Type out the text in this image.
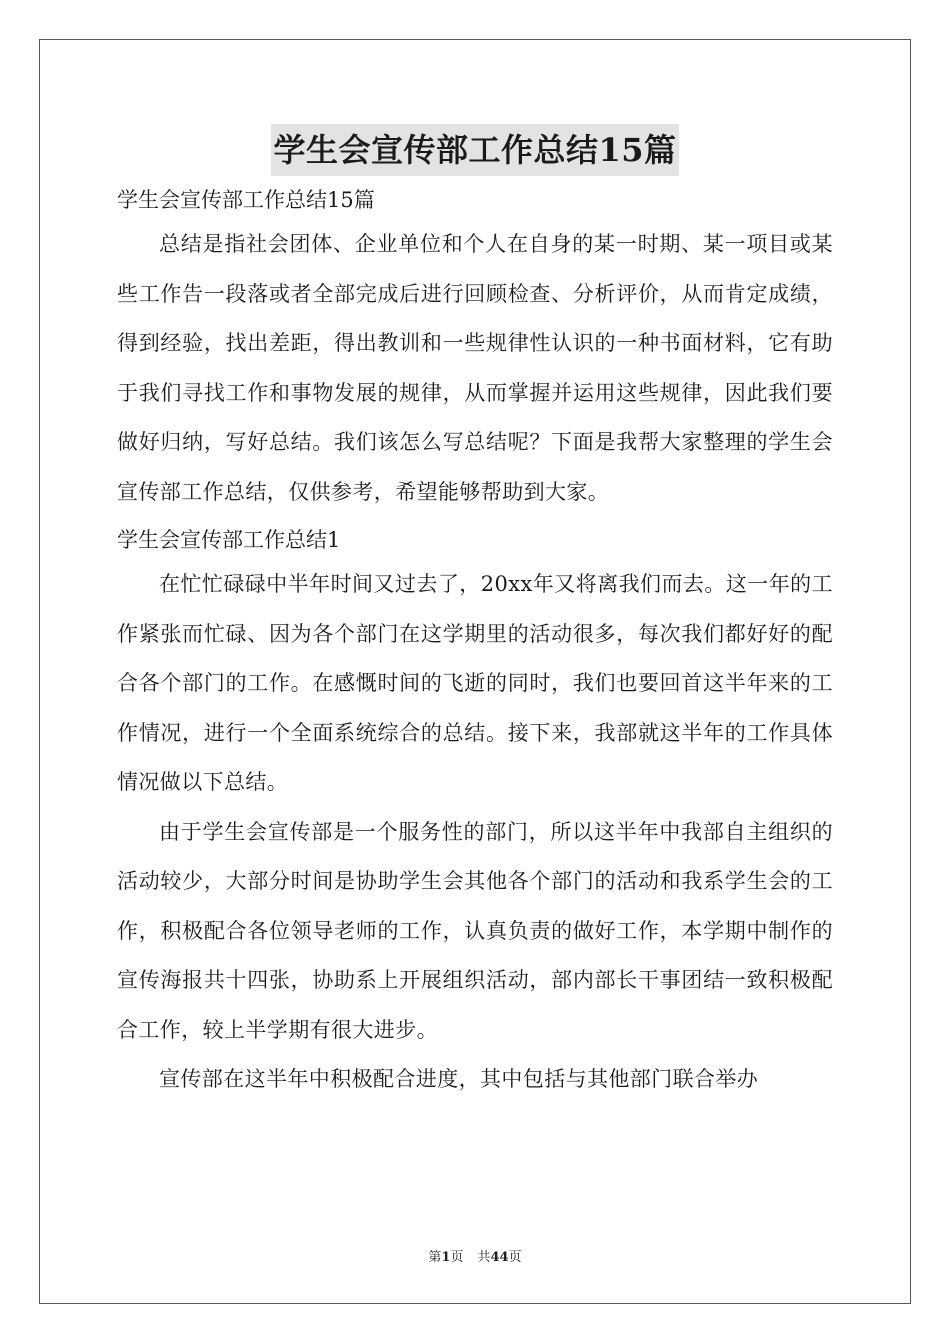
学生会宣传部工作总结15篇

学生会宣传部工作总结15篇

总结是指社会团体、企业单位和个人在自身的某一时期、某一项目或某些工作告一段落或者全部完成后进行回顾检查、分析评价，从而肯定成绩，得到经验，找出差距，得出教训和一些规律性认识的一种书面材料，它有助于我们寻找工作和事物发展的规律，从而掌握并运用这些规律，因此我们要做好归纳，写好总结。我们该怎么写总结呢？下面是我帮大家整理的学生会宣传部工作总结，仅供参考，希望能够帮助到大家。

学生会宣传部工作总结1

在忙忙碌碌中半年时间又过去了，20xx年又将离我们而去。这一年的工作紧张而忙碌、因为各个部门在这学期里的活动很多，每次我们都好好的配合各个部门的工作。在感慨时间的飞逝的同时，我们也要回首这半年来的工作情况，进行一个全面系统综合的总结。接下来，我部就这半年的工作具体情况做以下总结。

由于学生会宣传部是一个服务性的部门，所以这半年中我部自主组织的活动较少，大部分时间是协助学生会其他各个部门的活动和我系学生会的工作，积极配合各位领导老师的工作，认真负责的做好工作，本学期中制作的宣传海报共十四张，协助系上开展组织活动，部内部长干事团结一致积极配合工作，较上半学期有很大进步。

宣传部在这半年中积极配合进度，其中包括与其他部门联合举办

第1页 共44页
